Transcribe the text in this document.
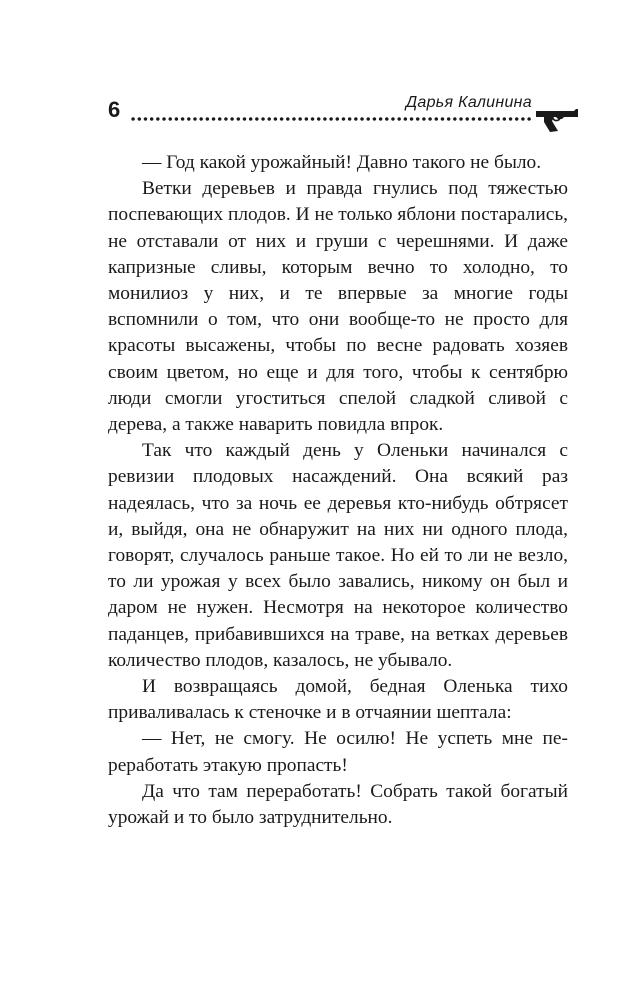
6	Дарья Калинина

— Год какой урожайный! Давно такого не было.

Ветки деревьев и правда гнулись под тяжестью поспевающих плодов. И не только яблони постарались, не отставали от них и груши с черешнями. И даже капризные сливы, которым вечно то холодно, то монилиоз у них, и те впервые за многие годы вспомнили о том, что они вообще-то не просто для красоты высажены, чтобы по весне радовать хозяев своим цветом, но еще и для того, чтобы к сентябрю люди смогли угоститься спелой сладкой сливой с дерева, а также наварить повидла впрок.

Так что каждый день у Оленьки начинался с ревизии плодовых насаждений. Она всякий раз надеялась, что за ночь ее деревья кто-нибудь обтрясет и, выйдя, она не обнаружит на них ни одного плода, говорят, случалось раньше такое. Но ей то ли не везло, то ли урожая у всех было завались, никому он был и даром не нужен. Несмотря на некоторое количество паданцев, прибавившихся на траве, на ветках деревьев количество плодов, казалось, не убывало.

И возвращаясь домой, бедная Оленька тихо приваливалась к стеночке и в отчаянии шептала:

— Нет, не смогу. Не осилю! Не успеть мне переработать этакую пропасть!

Да что там переработать! Собрать такой богатый урожай и то было затруднительно.
